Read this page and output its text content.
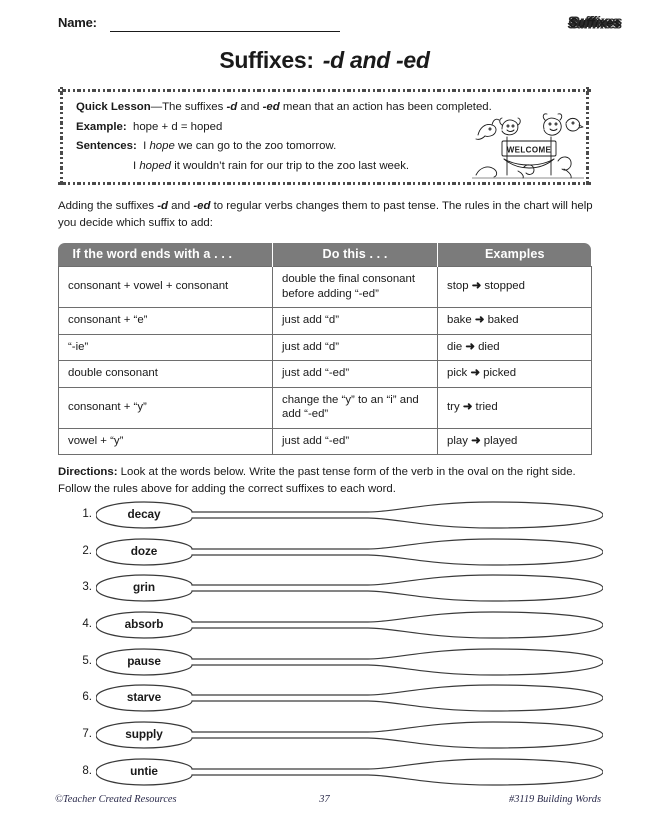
Name:	Suffixes
Suffixes: -d and -ed
Quick Lesson—The suffixes -d and -ed mean that an action has been completed.
Example: hope + d = hoped
Sentences: I hope we can go to the zoo tomorrow.
I hoped it wouldn’t rain for our trip to the zoo last week.
WELCOME
Adding the suffixes -d and -ed to regular verbs changes them to past tense. The rules in the chart will help you decide which suffix to add:
If the word ends with a . . .	Do this . . .	Examples
consonant + vowel + consonant	double the final consonant before adding “-ed”	stop ➜ stopped
consonant + “e”	just add “d”	bake ➜ baked
“-ie”	just add “d”	die ➜ died
double consonant	just add “-ed”	pick ➜ picked
consonant + “y”	change the “y” to an “i” and add “-ed”	try ➜ tried
vowel + “y”	just add “-ed”	play ➜ played
Directions: Look at the words below. Write the past tense form of the verb in the oval on the right side. Follow the rules above for adding the correct suffixes to each word.
1.	decay
2.	doze
3.	grin
4.	absorb
5.	pause
6.	starve
7.	supply
8.	untie
©Teacher Created Resources	37	#3119 Building Words
